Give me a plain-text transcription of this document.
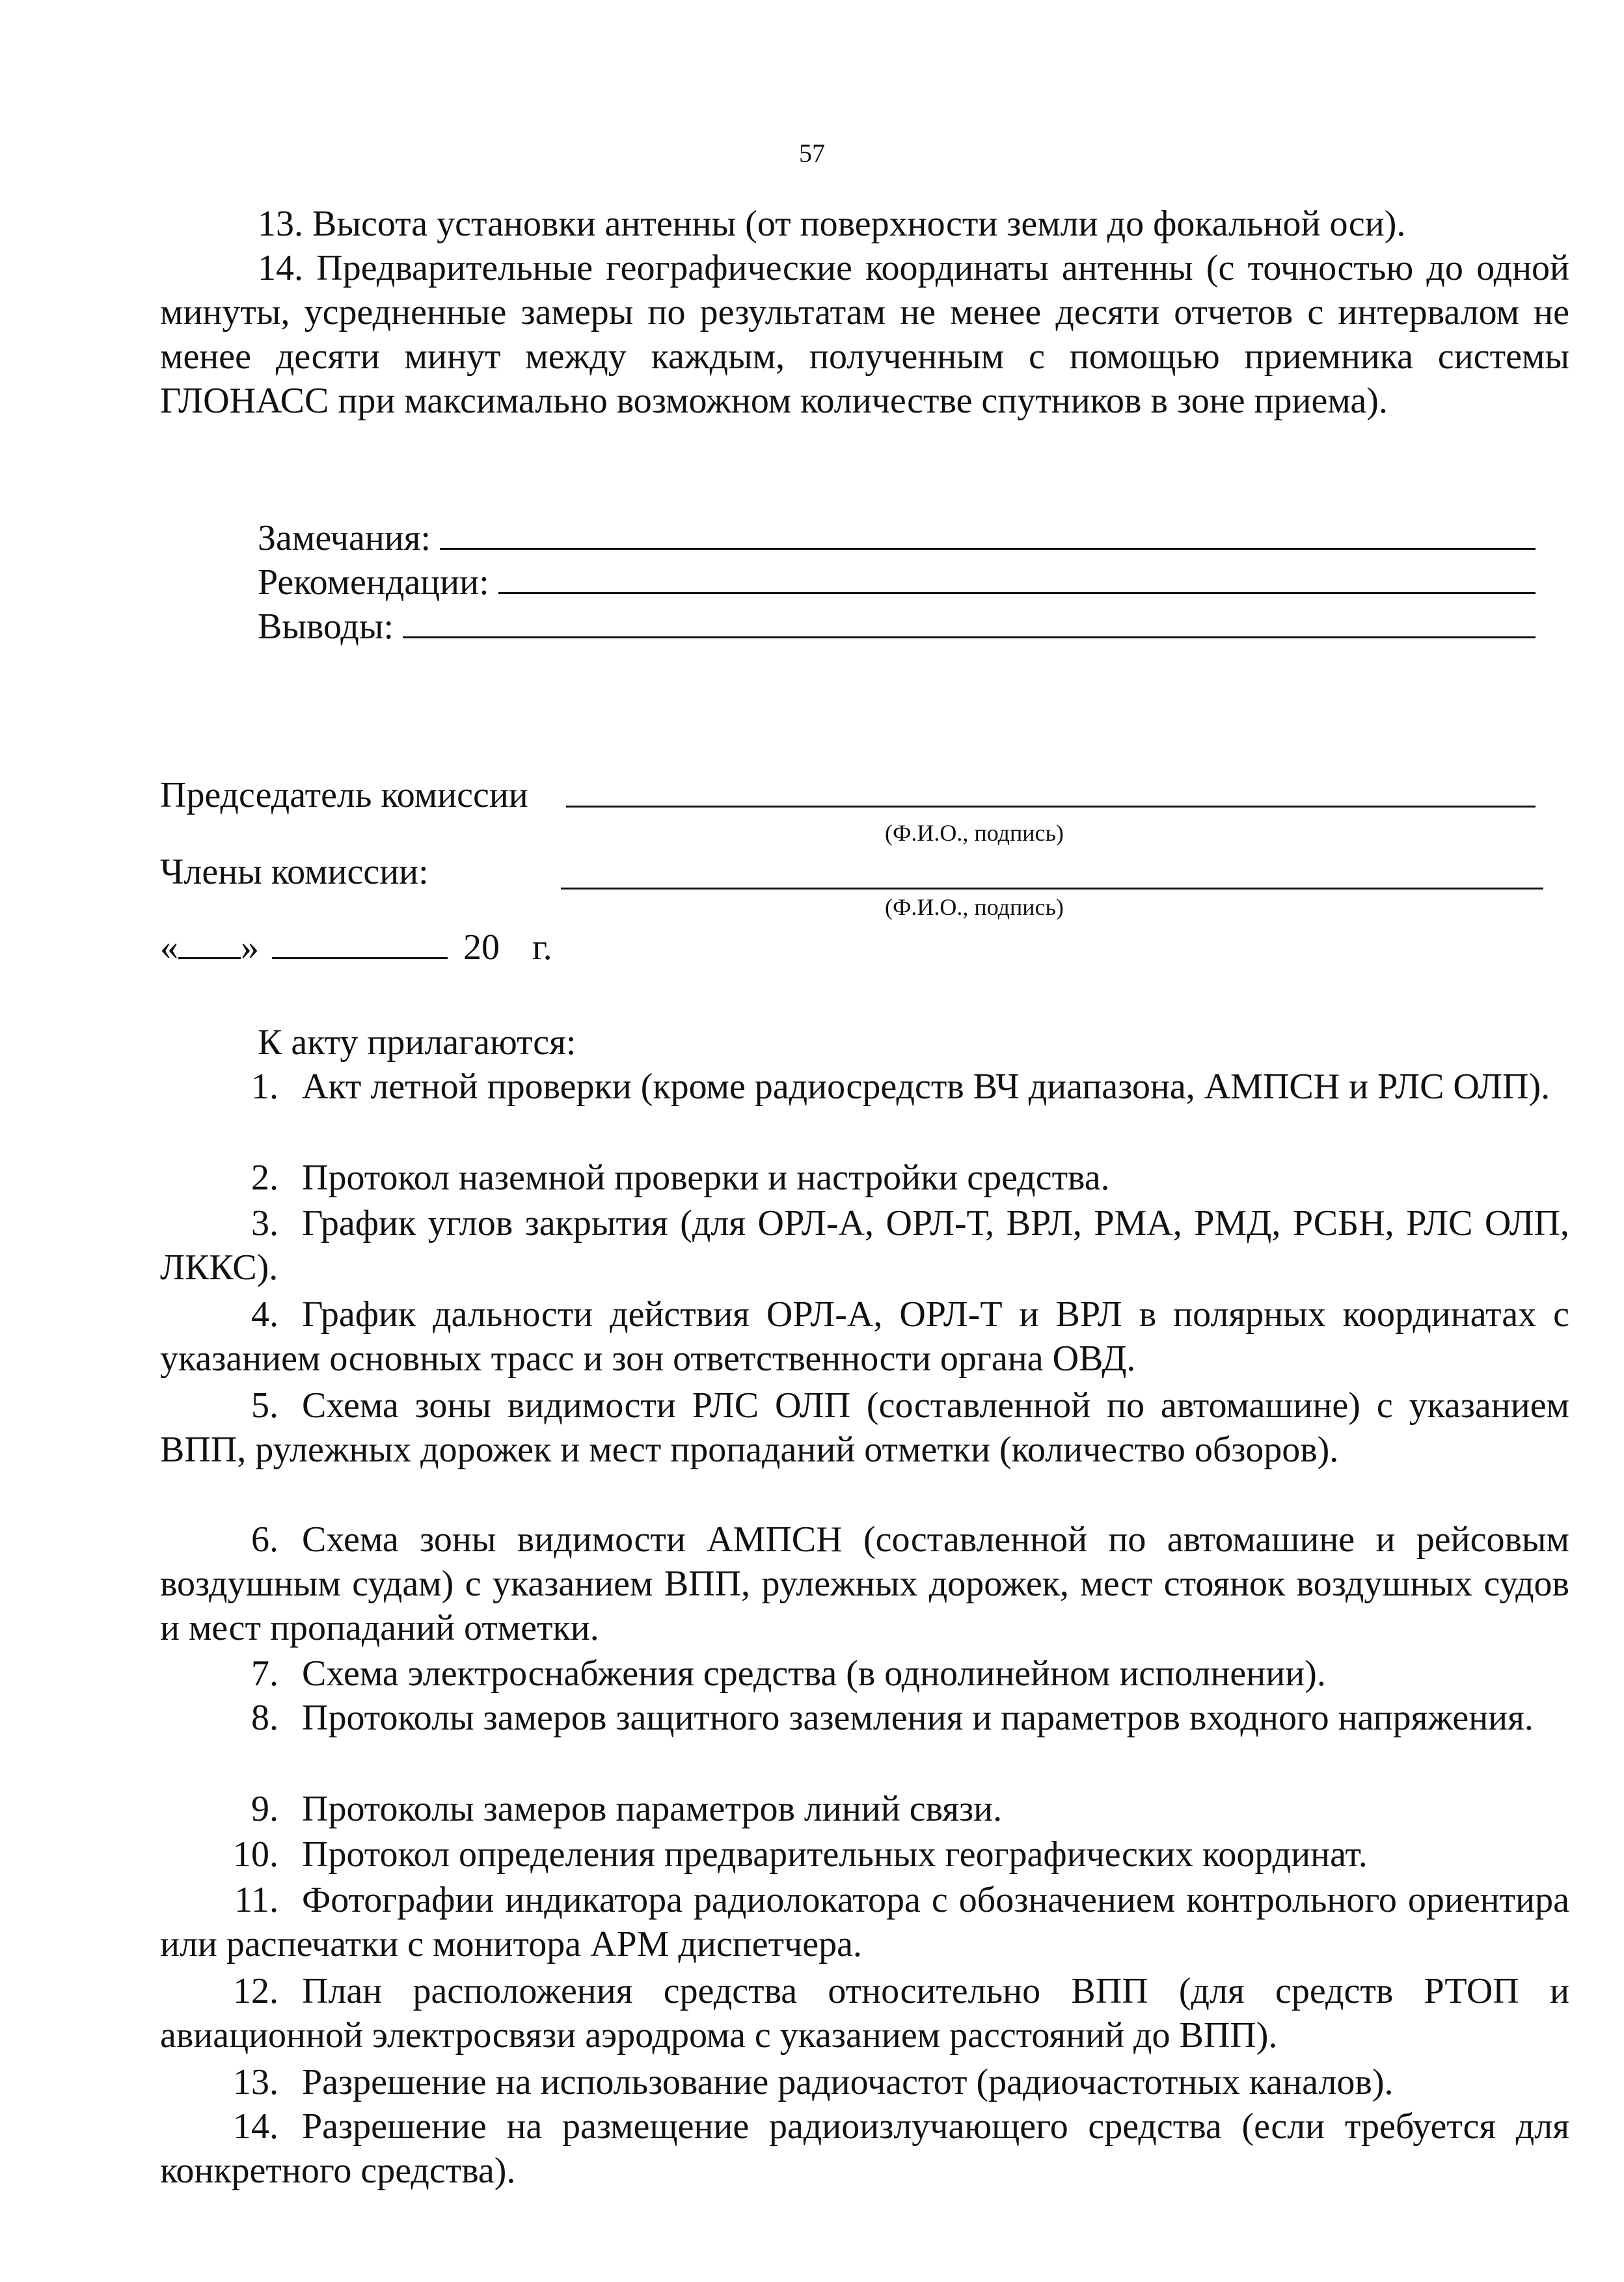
57

13. Высота установки антенны (от поверхности земли до фокальной оси).

14. Предварительные географические координаты антенны (с точностью до одной минуты, усредненные замеры по результатам не менее десяти отчетов с интервалом не менее десяти минут между каждым, полученным с помощью приемника системы ГЛОНАСС при максимально возможном количестве спутников в зоне приема).

Замечания:
Рекомендации:
Выводы:
Председатель комиссии
(Ф.И.О., подпись)
Члены комиссии:
(Ф.И.О., подпись)
« »	20 г.
К акту прилагаются:

1. Акт летной проверки (кроме радиосредств ВЧ диапазона, АМПСН и РЛС ОЛП).

2. Протокол наземной проверки и настройки средства.

3. График углов закрытия (для ОРЛ-А, ОРЛ-Т, ВРЛ, РМА, РМД, РСБН, РЛС ОЛП, ЛККС).

4. График дальности действия ОРЛ-А, ОРЛ-Т и ВРЛ в полярных координатах с указанием основных трасс и зон ответственности органа ОВД.

5. Схема зоны видимости РЛС ОЛП (составленной по автомашине) с указанием ВПП, рулежных дорожек и мест пропаданий отметки (количество обзоров).

6. Схема зоны видимости АМПСН (составленной по автомашине и рейсовым воздушным судам) с указанием ВПП, рулежных дорожек, мест стоянок воздушных судов и мест пропаданий отметки.

7. Схема электроснабжения средства (в однолинейном исполнении).

8. Протоколы замеров защитного заземления и параметров входного напряжения.

9. Протоколы замеров параметров линий связи.

10. Протокол определения предварительных географических координат.

11. Фотографии индикатора радиолокатора с обозначением контрольного ориентира или распечатки с монитора АРМ диспетчера.

12. План расположения средства относительно ВПП (для средств РТОП и авиационной электросвязи аэродрома с указанием расстояний до ВПП).

13. Разрешение на использование радиочастот (радиочастотных каналов).

14. Разрешение на размещение радиоизлучающего средства (если требуется для конкретного средства).
